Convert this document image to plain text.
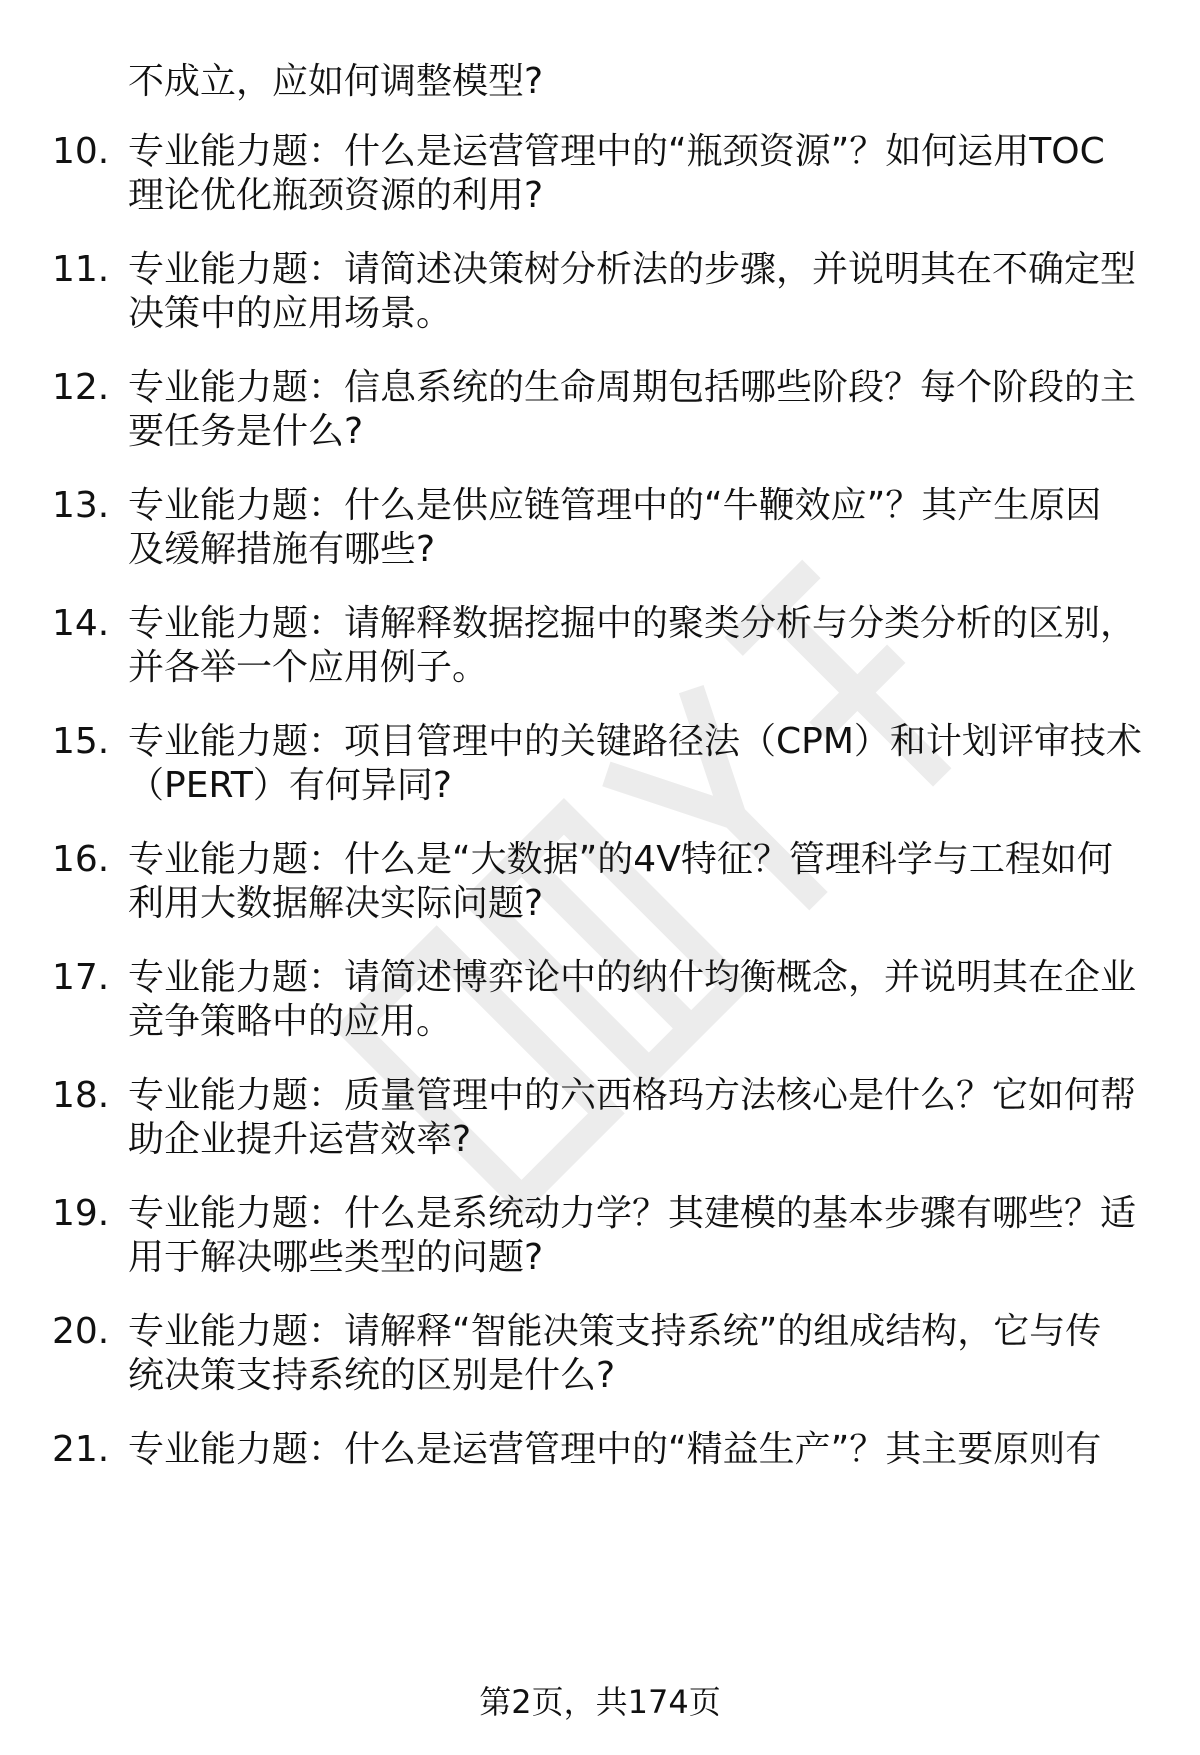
不成立，应如何调整模型?
10. 专业能力题：什么是运营管理中的“瓶颈资源”？如何运用TOC
理论优化瓶颈资源的利用?
11. 专业能力题：请简述决策树分析法的步骤，并说明其在不确定型
决策中的应用场景。
12. 专业能力题：信息系统的生命周期包括哪些阶段？每个阶段的主
要任务是什么?
13. 专业能力题：什么是供应链管理中的“牛鞭效应”？其产生原因
及缓解措施有哪些?
14. 专业能力题：请解释数据挖掘中的聚类分析与分类分析的区别，
并各举一个应用例子。
15. 专业能力题：项目管理中的关键路径法（CPM）和计划评审技术
（PERT）有何异同?
16. 专业能力题：什么是“大数据”的4V特征？管理科学与工程如何
利用大数据解决实际问题?
17. 专业能力题：请简述博弈论中的纳什均衡概念，并说明其在企业
竞争策略中的应用。
18. 专业能力题：质量管理中的六西格玛方法核心是什么？它如何帮
助企业提升运营效率?
19. 专业能力题：什么是系统动力学？其建模的基本步骤有哪些？适
用于解决哪些类型的问题?
20. 专业能力题：请解释“智能决策支持系统”的组成结构，它与传
统决策支持系统的区别是什么?
21. 专业能力题：什么是运营管理中的“精益生产”？其主要原则有
第2页，共174页
